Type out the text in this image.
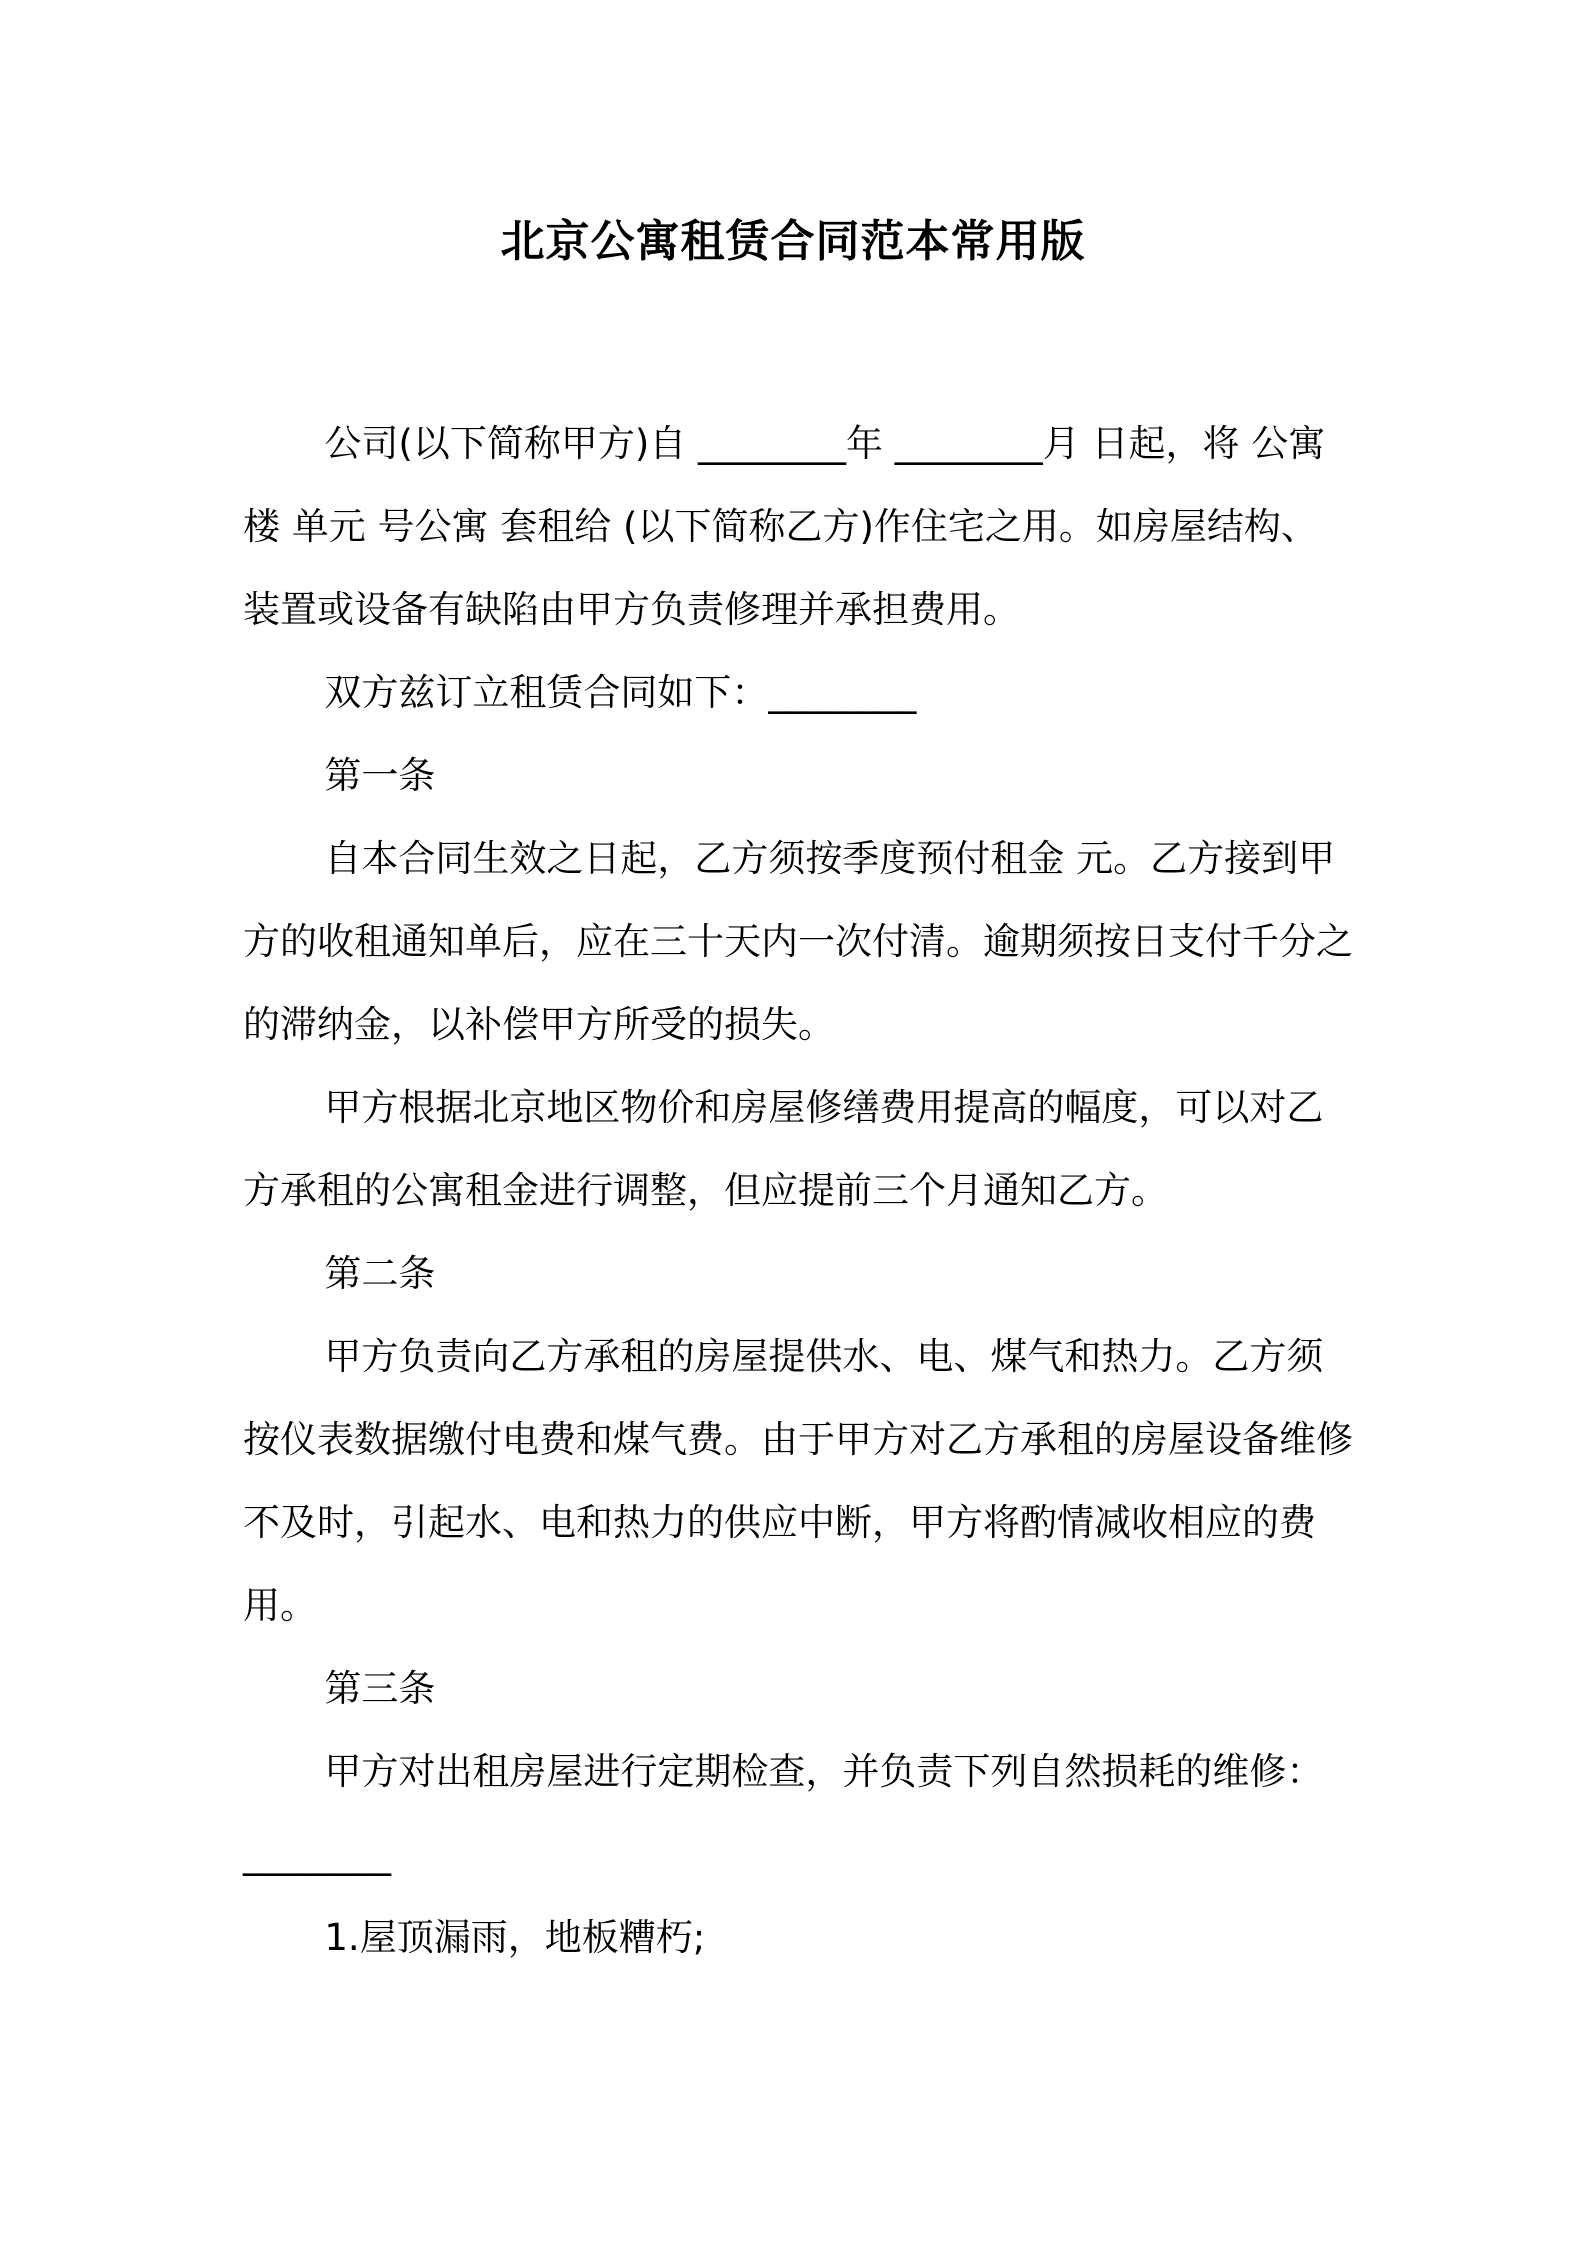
北京公寓租赁合同范本常用版

公司(以下简称甲方)自 ________年 ________月 日起，将 公寓 楼 单元 号公寓 套租给 (以下简称乙方)作住宅之用。如房屋结构、装置或设备有缺陷由甲方负责修理并承担费用。

双方兹订立租赁合同如下：________

第一条

自本合同生效之日起，乙方须按季度预付租金 元。乙方接到甲方的收租通知单后，应在三十天内一次付清。逾期须按日支付千分之 的滞纳金，以补偿甲方所受的损失。

甲方根据北京地区物价和房屋修缮费用提高的幅度，可以对乙方承租的公寓租金进行调整，但应提前三个月通知乙方。

第二条

甲方负责向乙方承租的房屋提供水、电、煤气和热力。乙方须按仪表数据缴付电费和煤气费。由于甲方对乙方承租的房屋设备维修不及时，引起水、电和热力的供应中断，甲方将酌情减收相应的费用。

第三条

甲方对出租房屋进行定期检查，并负责下列自然损耗的维修：________

1.屋顶漏雨，地板糟朽;
